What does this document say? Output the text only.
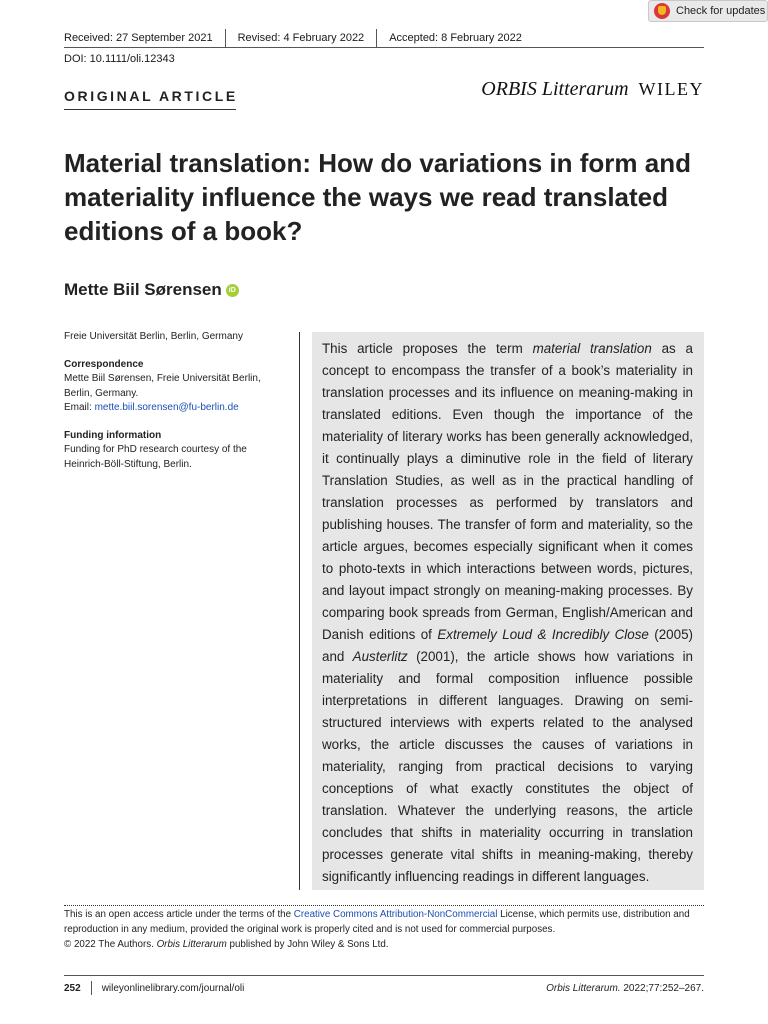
Check for updates
Received: 27 September 2021 Revised: 4 February 2022 Accepted: 8 February 2022
DOI: 10.1111/oli.12343
ORIGINAL ARTICLE	ORBIS Litterarum WILEY
Material translation: How do variations in form and materiality influence the ways we read translated editions of a book?
Mette Biil Sørensen	iD
Freie Universität Berlin, Berlin, Germany
Correspondence
Mette Biil Sørensen, Freie Universität Berlin, Berlin, Germany.
Email: mette.biil.sorensen@fu-berlin.de
Funding information
Funding for PhD research courtesy of the Heinrich-Böll-Stiftung, Berlin.

This article proposes the term material translation as a concept to encompass the transfer of a book’s materiality in translation processes and its influence on meaning-making in translated editions. Even though the importance of the materiality of literary works has been generally acknowledged, it continually plays a diminutive role in the field of literary Translation Studies, as well as in the practical handling of translation processes as performed by translators and publishing houses. The transfer of form and materiality, so the article argues, becomes especially significant when it comes to photo-texts in which interactions between words, pictures, and layout impact strongly on meaning-making processes. By comparing book spreads from German, English/American and Danish editions of Extremely Loud & Incredibly Close (2005) and Austerlitz (2001), the article shows how variations in materiality and formal composition influence possible interpretations in different languages. Drawing on semi-structured interviews with experts related to the analysed works, the article discusses the causes of variations in materiality, ranging from practical decisions to varying conceptions of what exactly constitutes the object of translation. Whatever the underlying reasons, the article concludes that shifts in materiality occurring in translation processes generate vital shifts in meaning-making, thereby significantly influencing readings in different languages.

This is an open access article under the terms of the Creative Commons Attribution-NonCommercial License, which permits use, distribution and reproduction in any medium, provided the original work is properly cited and is not used for commercial purposes.
© 2022 The Authors. Orbis Litterarum published by John Wiley & Sons Ltd.
252 wileyonlinelibrary.com/journal/oli	Orbis Litterarum. 2022;77:252–267.
